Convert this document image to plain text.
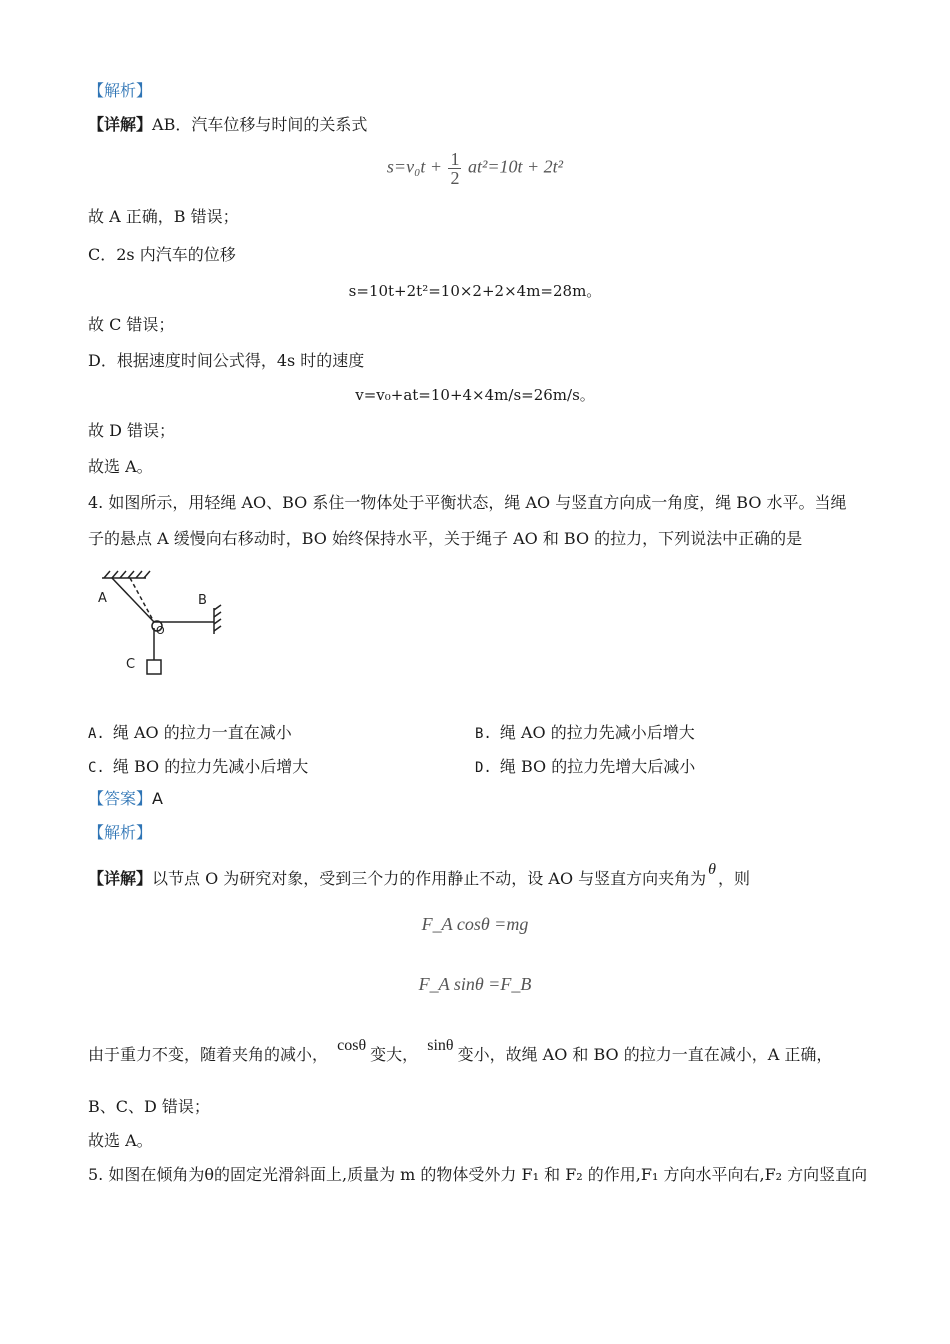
【解析】
【详解】AB．汽车位移与时间的关系式
$s=v_0t + \frac{1}{2} at^2=10t + 2t^2$
故 A 正确，B 错误；
C．2s 内汽车的位移
s=10t+2t²=10×2+2×4m=28m。
故 C 错误；
D．根据速度时间公式得，4s 时的速度
v=v₀+at=10+4×4m/s=26m/s。
故 D 错误；
故选 A。
4. 如图所示，用轻绳 AO、BO 系住一物体处于平衡状态，绳 AO 与竖直方向成一角度，绳 BO 水平。当绳
子的悬点 A 缓慢向右移动时，BO 始终保持水平，关于绳子 AO 和 BO 的拉力，下列说法中正确的是
A	B
O
C
A. 绳 AO 的拉力一直在减小	B. 绳 AO 的拉力先减小后增大
C. 绳 BO 的拉力先减小后增大	D. 绳 BO 的拉力先增大后减小
【答案】A
【解析】
【详解】以节点 O 为研究对象，受到三个力的作用静止不动，设 AO 与竖直方向夹角为 θ ，则
F_A cosθ =mg
F_A sinθ =F_B
由于重力不变，随着夹角的减小， cosθ 变大， sinθ 变小，故绳 AO 和 BO 的拉力一直在减小，A 正确，
B、C、D 错误；
故选 A。
5. 如图在倾角为θ的固定光滑斜面上,质量为 m 的物体受外力 F₁ 和 F₂ 的作用,F₁ 方向水平向右,F₂ 方向竖直向
